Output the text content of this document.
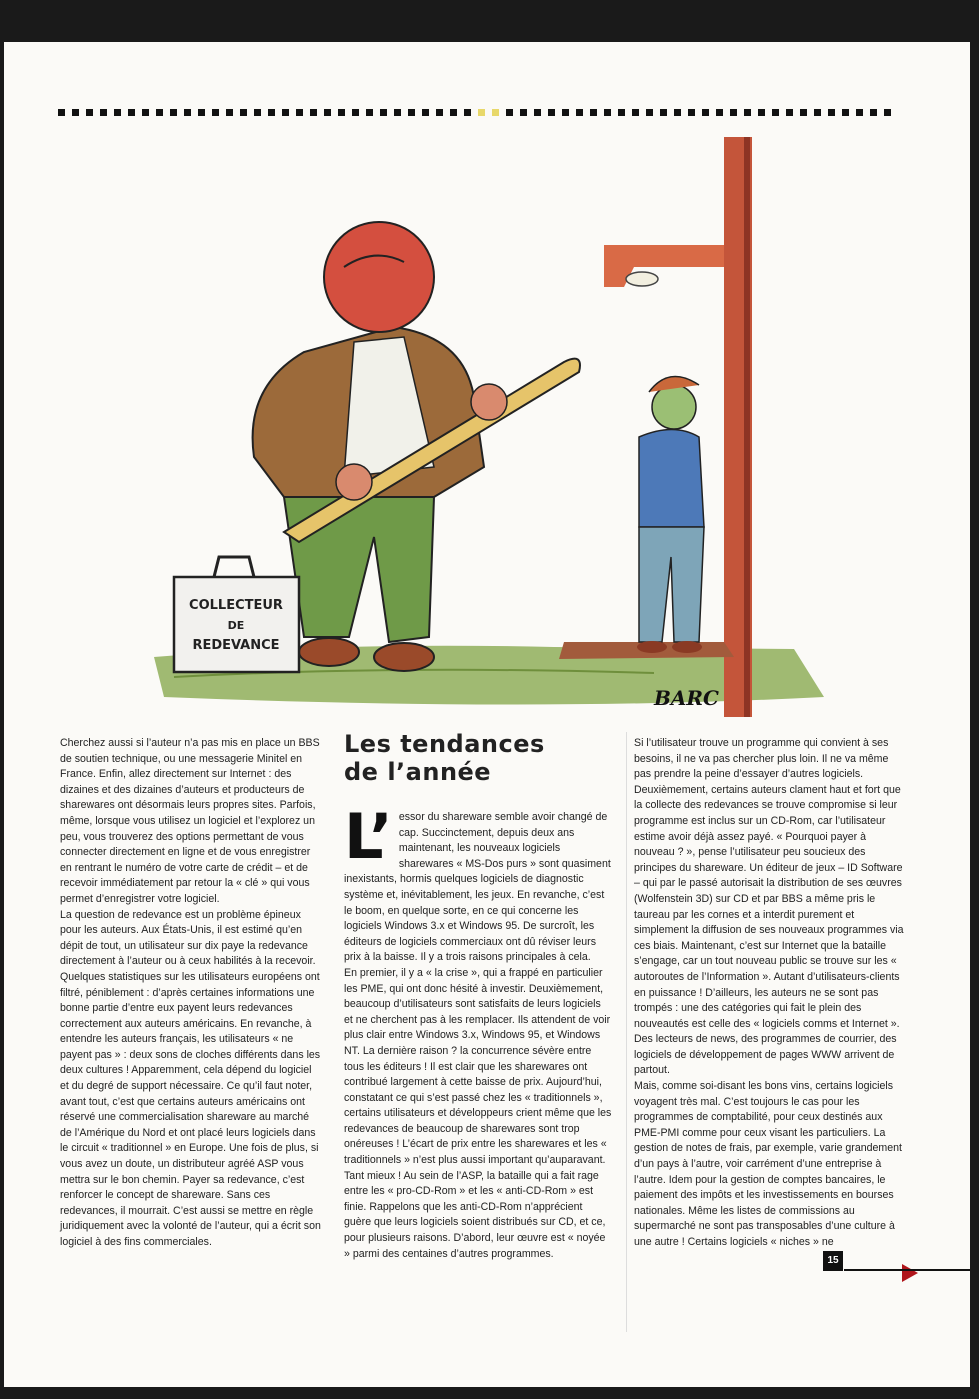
COLLECTEUR
DE
REDEVANCE
BARC

Cherchez aussi si l’auteur n’a pas mis en place un BBS de soutien technique, ou une messagerie Minitel en France. Enfin, allez directement sur Internet : des dizaines et des dizaines d’auteurs et producteurs de sharewares ont désormais leurs propres sites. Parfois, même, lorsque vous utilisez un logiciel et l’explorez un peu, vous trouverez des options permettant de vous connecter directement en ligne et de vous enregistrer en rentrant le numéro de votre carte de crédit – et de recevoir immédiatement par retour la « clé » qui vous permet d’enregistrer votre logiciel.

La question de redevance est un problème épineux pour les auteurs. Aux États-Unis, il est estimé qu’en dépit de tout, un utilisateur sur dix paye la redevance directement à l’auteur ou à ceux habilités à la recevoir. Quelques statistiques sur les utilisateurs européens ont filtré, péniblement : d’après certaines informations une bonne partie d’entre eux payent leurs redevances correctement aux auteurs américains. En revanche, à entendre les auteurs français, les utilisateurs « ne payent pas » : deux sons de cloches différents dans les deux cultures ! Apparemment, cela dépend du logiciel et du degré de support nécessaire. Ce qu’il faut noter, avant tout, c’est que certains auteurs américains ont réservé une commercialisation shareware au marché de l’Amérique du Nord et ont placé leurs logiciels dans le circuit « traditionnel » en Europe. Une fois de plus, si vous avez un doute, un distributeur agréé ASP vous mettra sur le bon chemin. Payer sa redevance, c’est renforcer le concept de shareware. Sans ces redevances, il mourrait. C’est aussi se mettre en règle juridiquement avec la volonté de l’auteur, qui a écrit son logiciel à des fins commerciales.

Les tendances
de l’année

L’ essor du shareware semble avoir changé de cap. Succinctement, depuis deux ans maintenant, les nouveaux logiciels sharewares « MS-Dos purs » sont quasiment inexistants, hormis quelques logiciels de diagnostic système et, inévitablement, les jeux. En revanche, c’est le boom, en quelque sorte, en ce qui concerne les logiciels Windows 3.x et Windows 95. De surcroît, les éditeurs de logiciels commerciaux ont dû réviser leurs prix à la baisse. Il y a trois raisons principales à cela.

En premier, il y a « la crise », qui a frappé en particulier les PME, qui ont donc hésité à investir. Deuxièmement, beaucoup d’utilisateurs sont satisfaits de leurs logiciels et ne cherchent pas à les remplacer. Ils attendent de voir plus clair entre Windows 3.x, Windows 95, et Windows NT. La dernière raison ? la concurrence sévère entre tous les éditeurs ! Il est clair que les sharewares ont contribué largement à cette baisse de prix. Aujourd’hui, constatant ce qui s’est passé chez les « traditionnels », certains utilisateurs et développeurs crient même que les redevances de beaucoup de sharewares sont trop onéreuses ! L’écart de prix entre les sharewares et les « traditionnels » n’est plus aussi important qu’auparavant. Tant mieux ! Au sein de l’ASP, la bataille qui a fait rage entre les « pro-CD-Rom » et les « anti-CD-Rom » est finie. Rappelons que les anti-CD-Rom n’apprécient guère que leurs logiciels soient distribués sur CD, et ce, pour plusieurs raisons. D’abord, leur œuvre est « noyée » parmi des centaines d’autres programmes.

Si l’utilisateur trouve un programme qui convient à ses besoins, il ne va pas chercher plus loin. Il ne va même pas prendre la peine d’essayer d’autres logiciels. Deuxièmement, certains auteurs clament haut et fort que la collecte des redevances se trouve compromise si leur programme est inclus sur un CD-Rom, car l’utilisateur estime avoir déjà assez payé. « Pourquoi payer à nouveau ? », pense l’utilisateur peu soucieux des principes du shareware. Un éditeur de jeux – ID Software – qui par le passé autorisait la distribution de ses œuvres (Wolfenstein 3D) sur CD et par BBS a même pris le taureau par les cornes et a interdit purement et simplement la diffusion de ses nouveaux programmes via ces biais. Maintenant, c’est sur Internet que la bataille s’engage, car un tout nouveau public se trouve sur les « autoroutes de l’Information ». Autant d’utilisateurs-clients en puissance ! D’ailleurs, les auteurs ne se sont pas trompés : une des catégories qui fait le plein des nouveautés est celle des « logiciels comms et Internet ». Des lecteurs de news, des programmes de courrier, des logiciels de développement de pages WWW arrivent de partout.

Mais, comme soi-disant les bons vins, certains logiciels voyagent très mal. C’est toujours le cas pour les programmes de comptabilité, pour ceux destinés aux PME-PMI comme pour ceux visant les particuliers. La gestion de notes de frais, par exemple, varie grandement d’un pays à l’autre, voir carrément d’une entreprise à l’autre. Idem pour la gestion de comptes bancaires, le paiement des impôts et les investissements en bourses nationales. Même les listes de commissions au supermarché ne sont pas transposables d’une culture à une autre ! Certains logiciels « niches » ne

15
